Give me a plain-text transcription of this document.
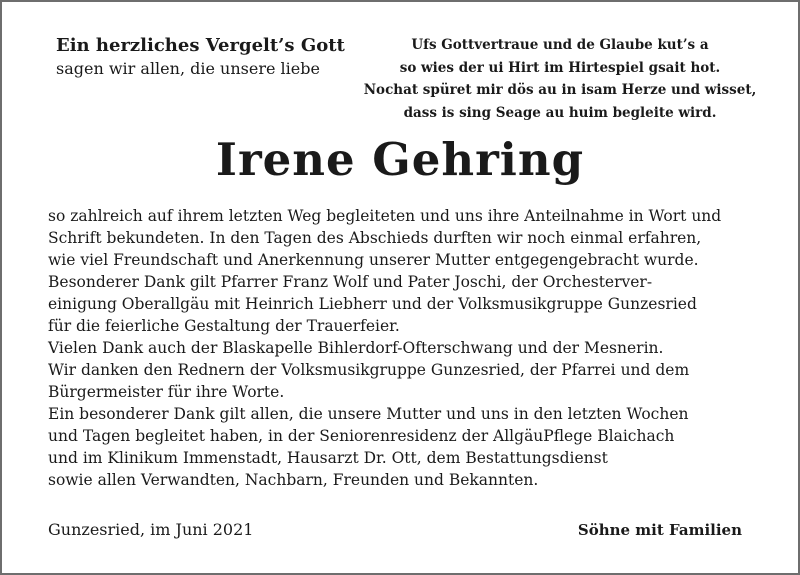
Ein herzliches Vergelt’s Gott
sagen wir allen, die unsere liebe
Ufs Gottvertraue und de Glaube kut’s a
so wies der ui Hirt im Hirtespiel gsait hot.
Nochat spüret mir dös au in isam Herze und wisset,
dass is sing Seage au huim begleite wird.
Irene Gehring
so zahlreich auf ihrem letzten Weg begleiteten und uns ihre Anteilnahme in Wort und
Schrift bekundeten. In den Tagen des Abschieds durften wir noch einmal erfahren,
wie viel Freundschaft und Anerkennung unserer Mutter entgegengebracht wurde.
Besonderer Dank gilt Pfarrer Franz Wolf und Pater Joschi, der Orchesterver-
einigung Oberallgäu mit Heinrich Liebherr und der Volksmusikgruppe Gunzesried
für die feierliche Gestaltung der Trauerfeier.
Vielen Dank auch der Blaskapelle Bihlerdorf-Ofterschwang und der Mesnerin.
Wir danken den Rednern der Volksmusikgruppe Gunzesried, der Pfarrei und dem
Bürgermeister für ihre Worte.
Ein besonderer Dank gilt allen, die unsere Mutter und uns in den letzten Wochen
und Tagen begleitet haben, in der Seniorenresidenz der AllgäuPflege Blaichach
und im Klinikum Immenstadt, Hausarzt Dr. Ott, dem Bestattungsdienst
sowie allen Verwandten, Nachbarn, Freunden und Bekannten.
Gunzesried, im Juni 2021	Söhne mit Familien
